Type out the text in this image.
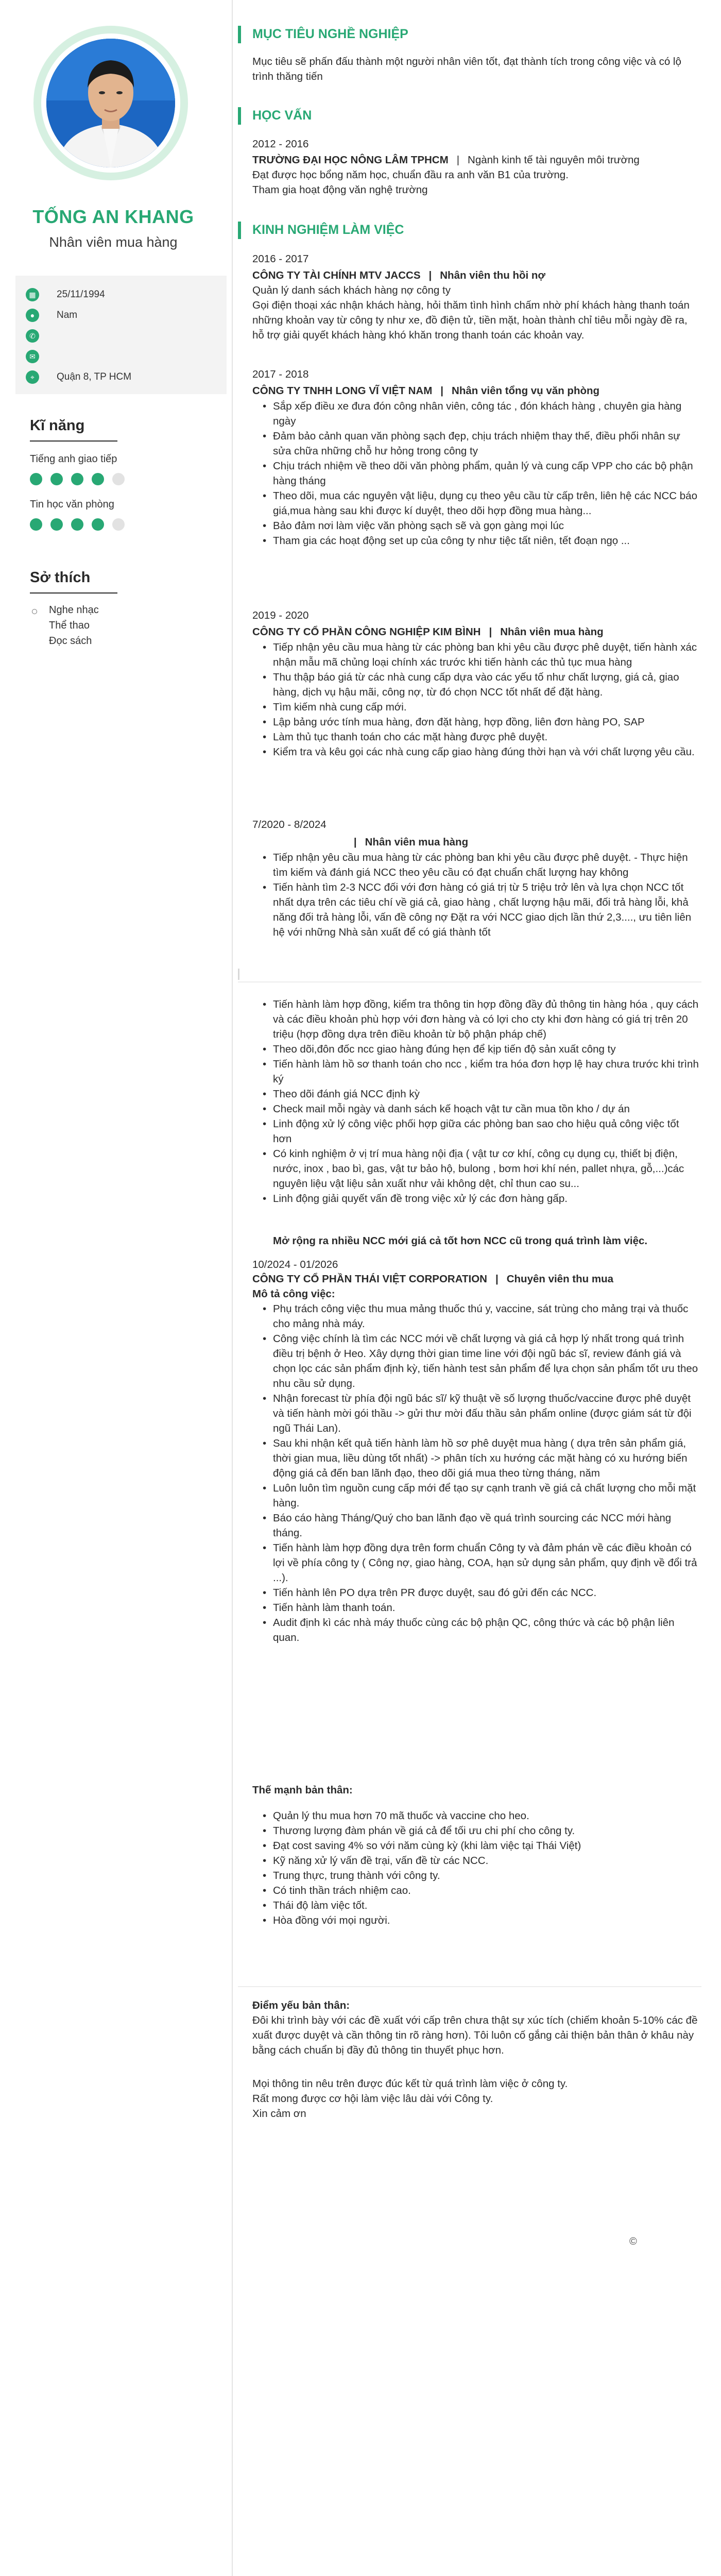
TỐNG AN KHANG
Nhân viên mua hàng
▦	25/11/1994
●	Nam
✆
✉
⌖	Quận 8, TP HCM
Kĩ năng
Tiếng anh giao tiếp
Tin học văn phòng
Sở thích
Nghe nhạc
Thể thao
Đọc sách
MỤC TIÊU NGHỀ NGHIỆP
Mục tiêu sẽ phấn đấu thành một người nhân viên tốt, đạt thành tích trong công việc và có lộ trình thăng tiến
HỌC VẤN
2012 - 2016
TRƯỜNG ĐẠI HỌC NÔNG LÂM TPHCM | Ngành kinh tế tài nguyên môi trường
Đạt được học bổng năm học, chuẩn đầu ra anh văn B1 của trường.
Tham gia hoạt động văn nghệ trường
KINH NGHIỆM LÀM VIỆC
2016 - 2017
CÔNG TY TÀI CHÍNH MTV JACCS | Nhân viên thu hồi nợ
Quản lý danh sách khách hàng nợ công ty
Gọi điện thoại xác nhận khách hàng, hỏi thăm tình hình chấm nhờ phí khách hàng thanh toán những khoản vay từ công ty như xe, đồ điện tử, tiền mặt, hoàn thành chỉ tiêu mỗi ngày đề ra, hỗ trợ giải quyết khách hàng khó khăn trong thanh toán các khoản vay.
2017 - 2018
CÔNG TY TNHH LONG VĨ VIỆT NAM | Nhân viên tổng vụ văn phòng
• Sắp xếp điều xe đưa đón công nhân viên, công tác , đón khách hàng , chuyên gia hàng ngày
• Đảm bảo cảnh quan văn phòng sạch đẹp, chịu trách nhiệm thay thế, điều phối nhân sự sửa chữa những chỗ hư hỏng trong công ty
• Chịu trách nhiệm về theo dõi văn phòng phẩm, quản lý và cung cấp VPP cho các bộ phận hàng tháng
• Theo dõi, mua các nguyên vật liệu, dụng cụ theo yêu cầu từ cấp trên, liên hệ các NCC báo giá,mua hàng sau khi được kí duyệt, theo dõi hợp đồng mua hàng...
• Bảo đảm nơi làm việc văn phòng sạch sẽ và gọn gàng mọi lúc
• Tham gia các hoạt động set up của công ty như tiệc tất niên, tết đoạn ngọ ...
2019 - 2020
CÔNG TY CỔ PHẦN CÔNG NGHIỆP KIM BÌNH | Nhân viên mua hàng
• Tiếp nhận yêu cầu mua hàng từ các phòng ban khi yêu cầu được phê duyệt, tiến hành xác nhận mẫu mã chủng loại chính xác trước khi tiến hành các thủ tục mua hàng
• Thu thập báo giá từ các nhà cung cấp dựa vào các yếu tố như chất lượng, giá cả, giao hàng, dịch vụ hậu mãi, công nợ, từ đó chọn NCC tốt nhất để đặt hàng.
• Tìm kiếm nhà cung cấp mới.
• Lập bảng ước tính mua hàng, đơn đặt hàng, hợp đồng, liên đơn hàng PO, SAP
• Làm thủ tục thanh toán cho các mặt hàng được phê duyệt.
• Kiểm tra và kêu gọi các nhà cung cấp giao hàng đúng thời hạn và với chất lượng yêu cầu.
7/2020 - 8/2024
| Nhân viên mua hàng
• Tiếp nhận yêu cầu mua hàng từ các phòng ban khi yêu cầu được phê duyệt. - Thực hiện tìm kiếm và đánh giá NCC theo yêu cầu có đạt chuẩn chất lượng hay không
• Tiến hành tìm 2-3 NCC đối với đơn hàng có giá trị từ 5 triệu trở lên và lựa chọn NCC tốt nhất dựa trên các tiêu chí về giá cả, giao hàng , chất lượng hậu mãi, đối trả hàng lỗi, khả năng đối trả hàng lỗi, vấn đề công nợ Đặt ra với NCC giao dịch lần thứ 2,3...., ưu tiên liên hệ với những Nhà sản xuất để có giá thành tốt
• Tiến hành làm hợp đồng, kiểm tra thông tin hợp đồng đầy đủ thông tin hàng hóa , quy cách và các điều khoản phù hợp với đơn hàng và có lợi cho cty khi đơn hàng có giá trị trên 20 triệu (hợp đồng dựa trên điều khoản từ bộ phận pháp chế)
• Theo dõi,đôn đốc ncc giao hàng đúng hẹn để kịp tiến độ sản xuất công ty
• Tiến hành làm hồ sơ thanh toán cho ncc , kiểm tra hóa đơn hợp lệ hay chưa trước khi trình ký
• Theo dõi đánh giá NCC định kỳ
• Check mail mỗi ngày và danh sách kế hoạch vật tư cần mua tồn kho / dự án
• Linh động xử lý công việc phối hợp giữa các phòng ban sao cho hiệu quả công việc tốt hơn
• Có kinh nghiệm ở vị trí mua hàng nội địa ( vật tư cơ khí, công cụ dụng cụ, thiết bị điện, nước, inox , bao bì, gas, vật tư bảo hộ, bulong , bơm hơi khí nén, pallet nhựa, gỗ,...)các nguyên liệu vật liệu sản xuất như vải không dệt, chỉ thun cao su...
• Linh động giải quyết vấn đề trong việc xử lý các đơn hàng gấp.
Mở rộng ra nhiều NCC mới giá cả tốt hơn NCC cũ trong quá trình làm việc.
10/2024 - 01/2026
CÔNG TY CỔ PHẦN THÁI VIỆT CORPORATION | Chuyên viên thu mua
Mô tả công việc:
• Phụ trách công việc thu mua mảng thuốc thú y, vaccine, sát trùng cho mảng trại và thuốc cho mảng nhà máy.
• Công việc chính là tìm các NCC mới về chất lượng và giá cả hợp lý nhất trong quá trình điều trị bệnh ở Heo. Xây dựng thời gian time line với đội ngũ bác sĩ, review đánh giá và chọn lọc các sản phẩm định kỳ, tiến hành test sản phẩm để lựa chọn sản phẩm tốt ưu theo nhu cầu sử dụng.
• Nhận forecast từ phía đội ngũ bác sĩ/ kỹ thuật về số lượng thuốc/vaccine được phê duyệt và tiến hành mời gói thầu -> gửi thư mời đấu thầu sản phẩm online (được giám sát từ đội ngũ Thái Lan).
• Sau khi nhận kết quả tiến hành làm hồ sơ phê duyệt mua hàng ( dựa trên sản phẩm giá, thời gian mua, liều dùng tốt nhất) -> phân tích xu hướng các mặt hàng có xu hướng biến động giá cả đến ban lãnh đạo, theo dõi giá mua theo từng tháng, năm
• Luôn luôn tìm nguồn cung cấp mới để tạo sự cạnh tranh về giá cả chất lượng cho mỗi mặt hàng.
• Báo cáo hàng Tháng/Quý cho ban lãnh đạo về quá trình sourcing các NCC mới hàng tháng.
• Tiến hành làm hợp đồng dựa trên form chuẩn Công ty và đảm phán về các điều khoản có lợi về phía công ty ( Công nợ, giao hàng, COA, hạn sử dụng sản phẩm, quy định về đổi trả ...).
• Tiến hành lên PO dựa trên PR được duyệt, sau đó gửi đến các NCC.
• Tiến hành làm thanh toán.
• Audit định kì các nhà máy thuốc cùng các bộ phận QC, công thức và các bộ phận liên quan.
Thế mạnh bản thân:
• Quản lý thu mua hơn 70 mã thuốc và vaccine cho heo.
• Thương lượng đàm phán về giá cả để tối ưu chi phí cho công ty.
• Đạt cost saving 4% so với năm cùng kỳ (khi làm việc tại Thái Việt)
• Kỹ năng xử lý vấn đề trại, vấn đề từ các NCC.
• Trung thực, trung thành với công ty.
• Có tinh thần trách nhiệm cao.
• Thái độ làm việc tốt.
• Hòa đồng với mọi người.
Điểm yếu bản thân:
Đôi khi trình bày với các đề xuất với cấp trên chưa thật sự xúc tích (chiếm khoản 5-10% các đề xuất được duyệt và cần thông tin rõ ràng hơn). Tôi luôn cố gắng cải thiện bản thân ở khâu này bằng cách chuẩn bị đầy đủ thông tin thuyết phục hơn.
Mọi thông tin nêu trên được đúc kết từ quá trình làm việc ở công ty.
Rất mong được cơ hội làm việc lâu dài với Công ty.
Xin cảm ơn
©
